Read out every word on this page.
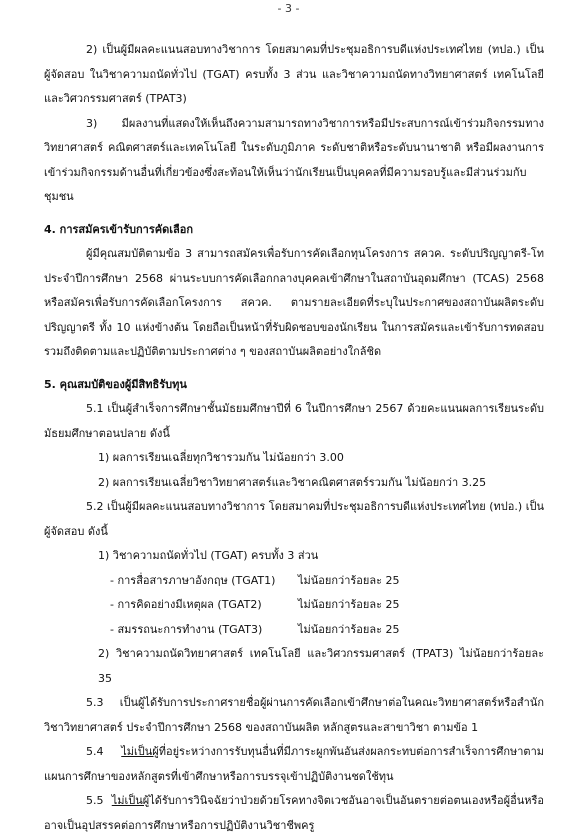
- 3 -

2) เป็นผู้มีผลคะแนนสอบทางวิชาการ โดยสมาคมที่ประชุมอธิการบดีแห่งประเทศไทย (ทปอ.) เป็นผู้จัดสอบ ในวิชาความถนัดทั่วไป (TGAT) ครบทั้ง 3 ส่วน และวิชาความถนัดทางวิทยาศาสตร์ เทคโนโลยี และวิศวกรรมศาสตร์ (TPAT3)

3) มีผลงานที่แสดงให้เห็นถึงความสามารถทางวิชาการหรือมีประสบการณ์เข้าร่วมกิจกรรมทางวิทยาศาสตร์ คณิตศาสตร์และเทคโนโลยี ในระดับภูมิภาค ระดับชาติหรือระดับนานาชาติ หรือมีผลงานการเข้าร่วมกิจกรรมด้านอื่นที่เกี่ยวข้องซึ่งสะท้อนให้เห็นว่านักเรียนเป็นบุคคลที่มีความรอบรู้และมีส่วนร่วมกับชุมชน

4. การสมัครเข้ารับการคัดเลือก

ผู้มีคุณสมบัติตามข้อ 3 สามารถสมัครเพื่อรับการคัดเลือกทุนโครงการ สควค. ระดับปริญญาตรี-โท ประจำปีการศึกษา 2568 ผ่านระบบการคัดเลือกกลางบุคคลเข้าศึกษาในสถาบันอุดมศึกษา (TCAS) 2568 หรือสมัครเพื่อรับการคัดเลือกโครงการ สควค. ตามรายละเอียดที่ระบุในประกาศของสถาบันผลิตระดับปริญญาตรี ทั้ง 10 แห่งข้างต้น โดยถือเป็นหน้าที่รับผิดชอบของนักเรียน ในการสมัครและเข้ารับการทดสอบรวมถึงติดตามและปฏิบัติตามประกาศต่าง ๆ ของสถาบันผลิตอย่างใกล้ชิด

5. คุณสมบัติของผู้มีสิทธิรับทุน

5.1 เป็นผู้สำเร็จการศึกษาชั้นมัธยมศึกษาปีที่ 6 ในปีการศึกษา 2567 ด้วยคะแนนผลการเรียนระดับมัธยมศึกษาตอนปลาย ดังนี้

1) ผลการเรียนเฉลี่ยทุกวิชารวมกัน ไม่น้อยกว่า 3.00

2) ผลการเรียนเฉลี่ยวิชาวิทยาศาสตร์และวิชาคณิตศาสตร์รวมกัน ไม่น้อยกว่า 3.25

5.2 เป็นผู้มีผลคะแนนสอบทางวิชาการ โดยสมาคมที่ประชุมอธิการบดีแห่งประเทศไทย (ทปอ.) เป็นผู้จัดสอบ ดังนี้

1) วิชาความถนัดทั่วไป (TGAT) ครบทั้ง 3 ส่วน

- การสื่อสารภาษาอังกฤษ (TGAT1)	ไม่น้อยกว่าร้อยละ 25
- การคิดอย่างมีเหตุผล (TGAT2)	ไม่น้อยกว่าร้อยละ 25
- สมรรถนะการทำงาน (TGAT3)	ไม่น้อยกว่าร้อยละ 25

2) วิชาความถนัดวิทยาศาสตร์ เทคโนโลยี และวิศวกรรมศาสตร์ (TPAT3) ไม่น้อยกว่าร้อยละ 35

5.3 เป็นผู้ได้รับการประกาศรายชื่อผู้ผ่านการคัดเลือกเข้าศึกษาต่อในคณะวิทยาศาสตร์หรือสำนักวิชาวิทยาศาสตร์ ประจำปีการศึกษา 2568 ของสถาบันผลิต หลักสูตรและสาขาวิชา ตามข้อ 1

5.4 ไม่เป็นผู้ที่อยู่ระหว่างการรับทุนอื่นที่มีภาระผูกพันอันส่งผลกระทบต่อการสำเร็จการศึกษาตามแผนการศึกษาของหลักสูตรที่เข้าศึกษาหรือการบรรจุเข้าปฏิบัติงานชดใช้ทุน

5.5 ไม่เป็นผู้ได้รับการวินิจฉัยว่าป่วยด้วยโรคทางจิตเวชอันอาจเป็นอันตรายต่อตนเองหรือผู้อื่นหรืออาจเป็นอุปสรรคต่อการศึกษาหรือการปฏิบัติงานวิชาชีพครู
